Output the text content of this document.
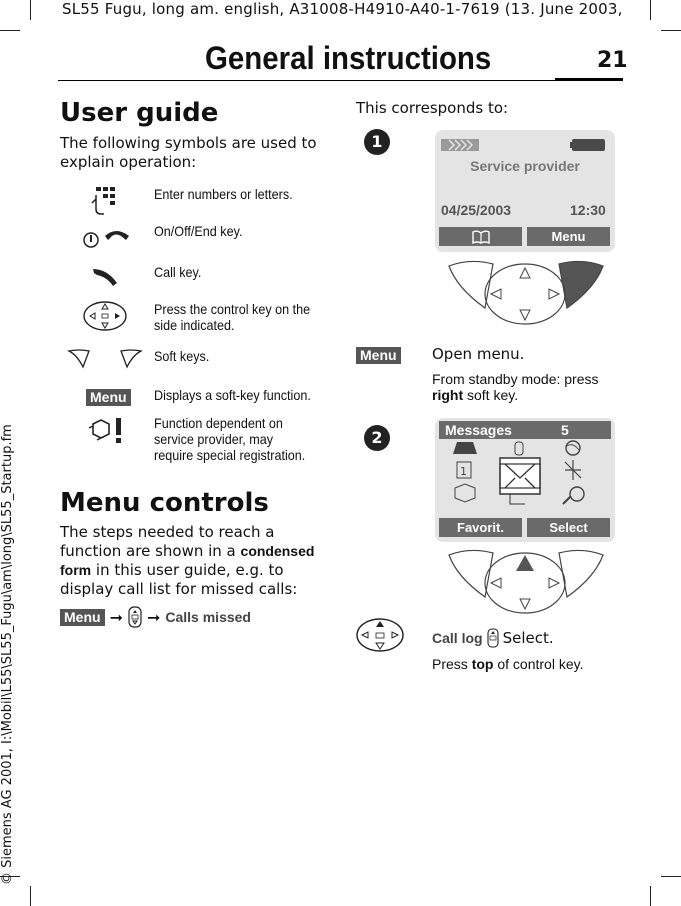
SL55 Fugu, long am. english, A31008-H4910-A40-1-7619 (13. June 2003,
General instructions	21
© Siemens AG 2001, I:\Mobil\L55\SL55_Fugu\am\long\SL55_Startup.fm
User guide
The following symbols are used to explain operation:
Enter numbers or letters.
On/Off/End key.
Call key.
Press the control key on the side indicated.
Soft keys.
Menu Displays a soft-key function.
Function dependent on service provider, may require special registration.
Menu controls
The steps needed to reach a function are shown in a condensed form in this user guide, e.g. to display call list for missed calls:
Menu ➞ ➞ Calls missed
This corresponds to:
1
Service provider
04/25/2003	12:30
Menu
Menu Open menu.
From standby mode: press right soft key.
2	Messages	5
1
Favorit.	Select
Call log Select.
Press top of control key.
